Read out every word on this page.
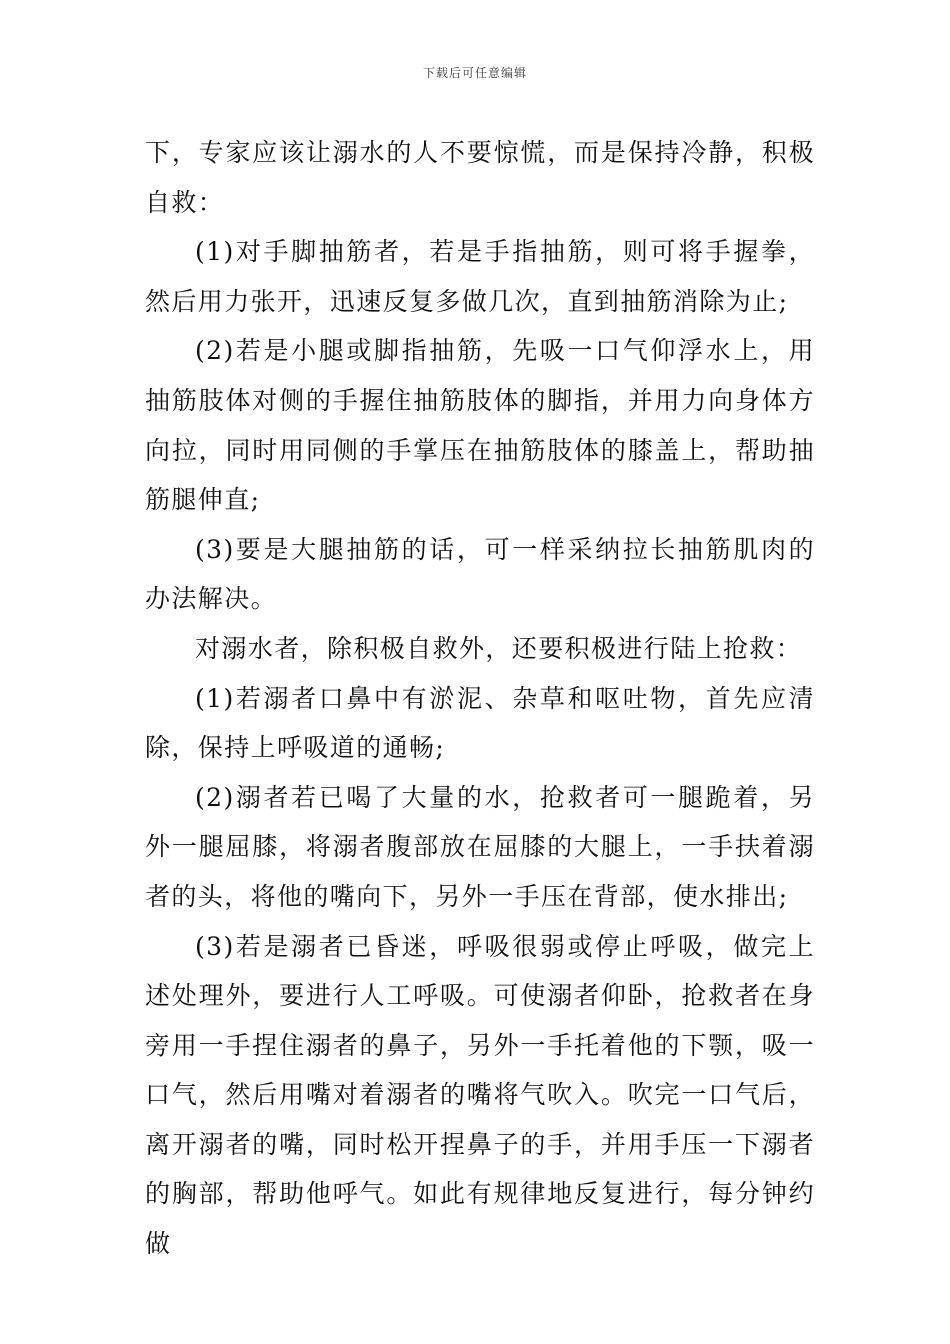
下载后可任意编辑

下，专家应该让溺水的人不要惊慌，而是保持冷静，积极自救：

(1)对手脚抽筋者，若是手指抽筋，则可将手握拳，然后用力张开，迅速反复多做几次，直到抽筋消除为止;

(2)若是小腿或脚指抽筋，先吸一口气仰浮水上，用抽筋肢体对侧的手握住抽筋肢体的脚指，并用力向身体方向拉，同时用同侧的手掌压在抽筋肢体的膝盖上，帮助抽筋腿伸直;

(3)要是大腿抽筋的话，可一样采纳拉长抽筋肌肉的办法解决。

对溺水者，除积极自救外，还要积极进行陆上抢救：

(1)若溺者口鼻中有淤泥、杂草和呕吐物，首先应清除，保持上呼吸道的通畅;

(2)溺者若已喝了大量的水，抢救者可一腿跪着，另外一腿屈膝，将溺者腹部放在屈膝的大腿上，一手扶着溺者的头，将他的嘴向下，另外一手压在背部，使水排出;

(3)若是溺者已昏迷，呼吸很弱或停止呼吸，做完上述处理外，要进行人工呼吸。可使溺者仰卧，抢救者在身旁用一手捏住溺者的鼻子，另外一手托着他的下颚，吸一口气，然后用嘴对着溺者的嘴将气吹入。吹完一口气后，离开溺者的嘴，同时松开捏鼻子的手，并用手压一下溺者的胸部，帮助他呼气。如此有规律地反复进行，每分钟约做
